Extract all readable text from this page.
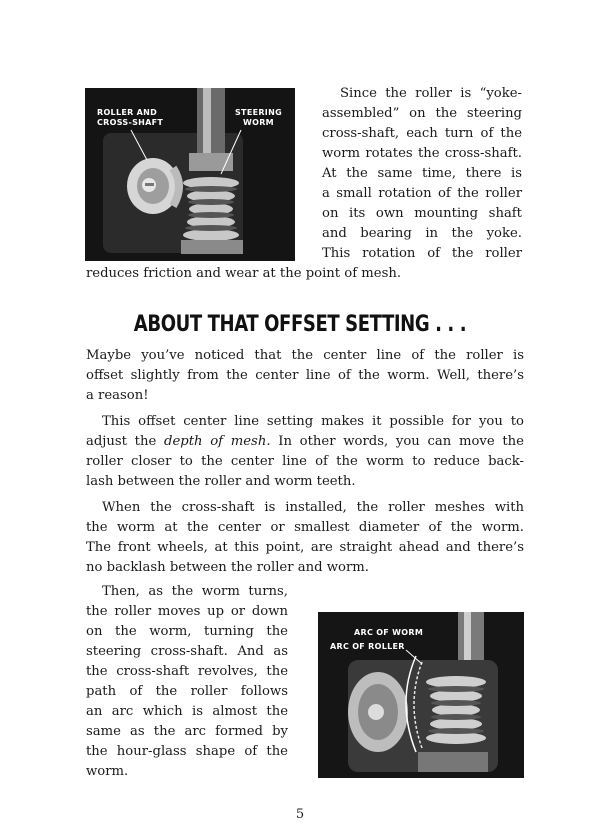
ROLLER AND
CROSS-SHAFT
STEERING
WORM
Since the roller is “yoke-
assembled” on the steering
cross-shaft, each turn of the
worm rotates the cross-shaft.
At the same time, there is
a small rotation of the roller
on its own mounting shaft
and bearing in the yoke.
This rotation of the roller
reduces friction and wear at the point of mesh.
ABOUT THAT OFFSET SETTING . . .
Maybe you’ve noticed that the center line of the roller is
offset slightly from the center line of the worm. Well, there’s
a reason!
This offset center line setting makes it possible for you to
adjust the depth of mesh. In other words, you can move the
roller closer to the center line of the worm to reduce back-
lash between the roller and worm teeth.
When the cross-shaft is installed, the roller meshes with
the worm at the center or smallest diameter of the worm.
The front wheels, at this point, are straight ahead and there’s
no backlash between the roller and worm.
Then, as the worm turns,
the roller moves up or down
on the worm, turning the
steering cross-shaft. And as
the cross-shaft revolves, the
path of the roller follows
an arc which is almost the
same as the arc formed by
the hour-glass shape of the
worm.
ARC OF WORM
ARC OF ROLLER
5
